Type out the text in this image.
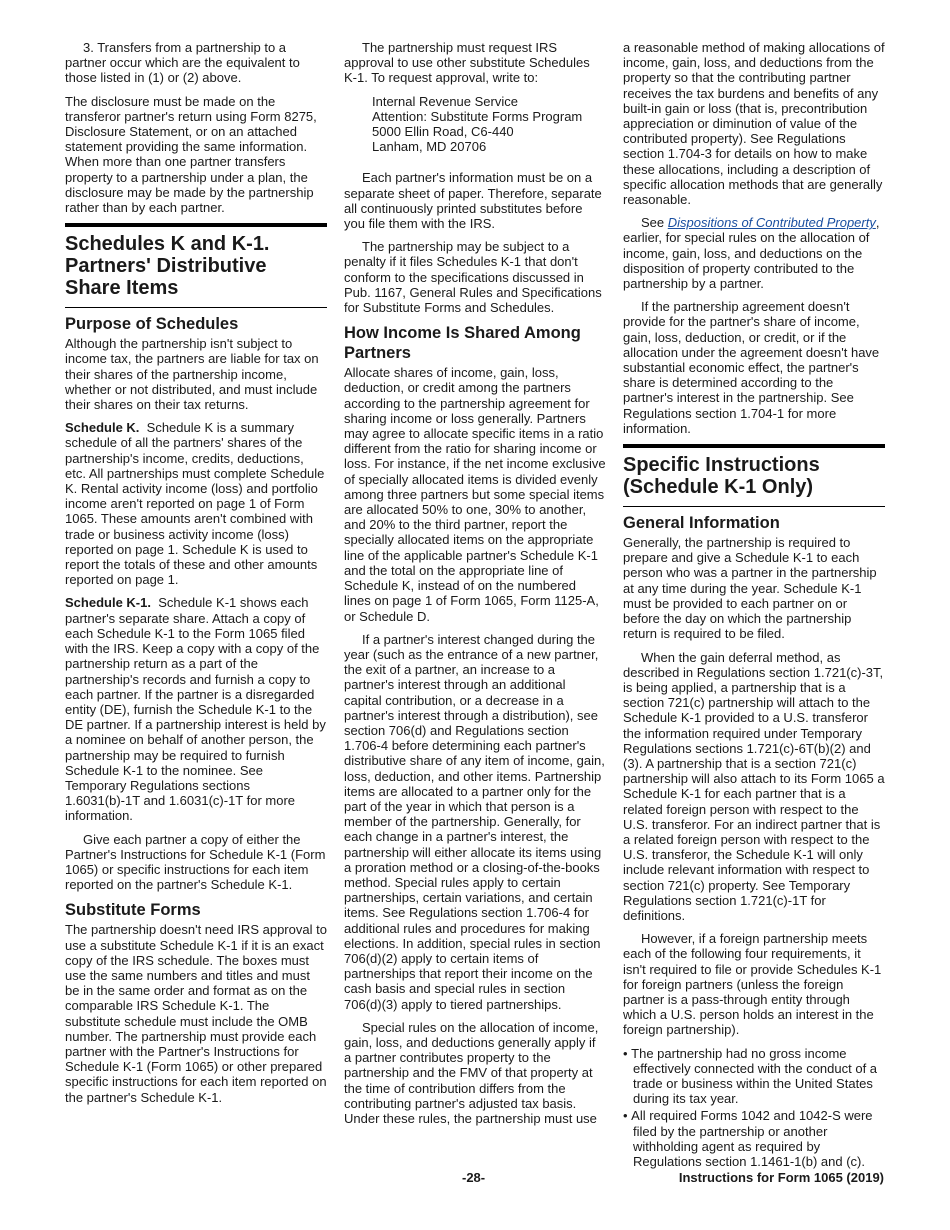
3. Transfers from a partnership to a partner occur which are the equivalent to those listed in (1) or (2) above.

The disclosure must be made on the transferor partner's return using Form 8275, Disclosure Statement, or on an attached statement providing the same information. When more than one partner transfers property to a partnership under a plan, the disclosure may be made by the partnership rather than by each partner.

Schedules K and K-1. Partners' Distributive Share Items
Purpose of Schedules

Although the partnership isn't subject to income tax, the partners are liable for tax on their shares of the partnership income, whether or not distributed, and must include their shares on their tax returns.

Schedule K. Schedule K is a summary schedule of all the partners' shares of the partnership's income, credits, deductions, etc. All partnerships must complete Schedule K. Rental activity income (loss) and portfolio income aren't reported on page 1 of Form 1065. These amounts aren't combined with trade or business activity income (loss) reported on page 1. Schedule K is used to report the totals of these and other amounts reported on page 1.

Schedule K-1. Schedule K-1 shows each partner's separate share. Attach a copy of each Schedule K-1 to the Form 1065 filed with the IRS. Keep a copy with a copy of the partnership return as a part of the partnership's records and furnish a copy to each partner. If the partner is a disregarded entity (DE), furnish the Schedule K-1 to the DE partner. If a partnership interest is held by a nominee on behalf of another person, the partnership may be required to furnish Schedule K-1 to the nominee. See Temporary Regulations sections 1.6031(b)-1T and 1.6031(c)-1T for more information.

Give each partner a copy of either the Partner's Instructions for Schedule K-1 (Form 1065) or specific instructions for each item reported on the partner's Schedule K-1.

Substitute Forms

The partnership doesn't need IRS approval to use a substitute Schedule K-1 if it is an exact copy of the IRS schedule. The boxes must use the same numbers and titles and must be in the same order and format as on the comparable IRS Schedule K-1. The substitute schedule must include the OMB number. The partnership must provide each partner with the Partner's Instructions for Schedule K-1 (Form 1065) or other prepared specific instructions for each item reported on the partner's Schedule K-1.

The partnership must request IRS approval to use other substitute Schedules K-1. To request approval, write to:

Internal Revenue Service
Attention: Substitute Forms Program
5000 Ellin Road, C6-440
Lanham, MD 20706

Each partner's information must be on a separate sheet of paper. Therefore, separate all continuously printed substitutes before you file them with the IRS.

The partnership may be subject to a penalty if it files Schedules K-1 that don't conform to the specifications discussed in Pub. 1167, General Rules and Specifications for Substitute Forms and Schedules.

How Income Is Shared Among Partners

Allocate shares of income, gain, loss, deduction, or credit among the partners according to the partnership agreement for sharing income or loss generally. Partners may agree to allocate specific items in a ratio different from the ratio for sharing income or loss. For instance, if the net income exclusive of specially allocated items is divided evenly among three partners but some special items are allocated 50% to one, 30% to another, and 20% to the third partner, report the specially allocated items on the appropriate line of the applicable partner's Schedule K-1 and the total on the appropriate line of Schedule K, instead of on the numbered lines on page 1 of Form 1065, Form 1125-A, or Schedule D.

If a partner's interest changed during the year (such as the entrance of a new partner, the exit of a partner, an increase to a partner's interest through an additional capital contribution, or a decrease in a partner's interest through a distribution), see section 706(d) and Regulations section 1.706-4 before determining each partner's distributive share of any item of income, gain, loss, deduction, and other items. Partnership items are allocated to a partner only for the part of the year in which that person is a member of the partnership. Generally, for each change in a partner's interest, the partnership will either allocate its items using a proration method or a closing-of-the-books method. Special rules apply to certain partnerships, certain variations, and certain items. See Regulations section 1.706-4 for additional rules and procedures for making elections. In addition, special rules in section 706(d)(2) apply to certain items of partnerships that report their income on the cash basis and special rules in section 706(d)(3) apply to tiered partnerships.

Special rules on the allocation of income, gain, loss, and deductions generally apply if a partner contributes property to the partnership and the FMV of that property at the time of contribution differs from the contributing partner's adjusted tax basis. Under these rules, the partnership must use

a reasonable method of making allocations of income, gain, loss, and deductions from the property so that the contributing partner receives the tax burdens and benefits of any built-in gain or loss (that is, precontribution appreciation or diminution of value of the contributed property). See Regulations section 1.704-3 for details on how to make these allocations, including a description of specific allocation methods that are generally reasonable.

See Dispositions of Contributed Property, earlier, for special rules on the allocation of income, gain, loss, and deductions on the disposition of property contributed to the partnership by a partner.

If the partnership agreement doesn't provide for the partner's share of income, gain, loss, deduction, or credit, or if the allocation under the agreement doesn't have substantial economic effect, the partner's share is determined according to the partner's interest in the partnership. See Regulations section 1.704-1 for more information.

Specific Instructions (Schedule K-1 Only)
General Information

Generally, the partnership is required to prepare and give a Schedule K-1 to each person who was a partner in the partnership at any time during the year. Schedule K-1 must be provided to each partner on or before the day on which the partnership return is required to be filed.

When the gain deferral method, as described in Regulations section 1.721(c)-3T, is being applied, a partnership that is a section 721(c) partnership will attach to the Schedule K-1 provided to a U.S. transferor the information required under Temporary Regulations sections 1.721(c)-6T(b)(2) and (3). A partnership that is a section 721(c) partnership will also attach to its Form 1065 a Schedule K-1 for each partner that is a related foreign person with respect to the U.S. transferor. For an indirect partner that is a related foreign person with respect to the U.S. transferor, the Schedule K-1 will only include relevant information with respect to section 721(c) property. See Temporary Regulations section 1.721(c)-1T for definitions.

However, if a foreign partnership meets each of the following four requirements, it isn't required to file or provide Schedules K-1 for foreign partners (unless the foreign partner is a pass-through entity through which a U.S. person holds an interest in the foreign partnership).

• The partnership had no gross income effectively connected with the conduct of a trade or business within the United States during its tax year.
• All required Forms 1042 and 1042-S were filed by the partnership or another withholding agent as required by Regulations section 1.1461-1(b) and (c).
-28-	Instructions for Form 1065 (2019)
